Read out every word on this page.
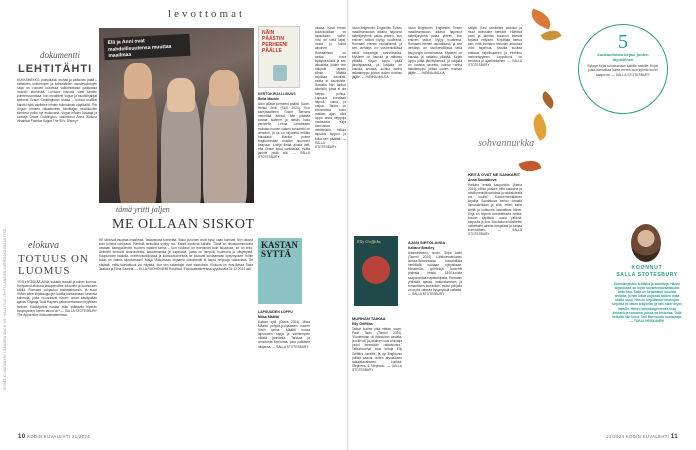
levottomat
KUVAT KUVAPANKKI / SANDRA BACH VS. HALLITUS LEHTI LANGAN SIIRROSKUVAAJA ITSE...
dokumentti
LEHTITÄHTI
KUKKAMEKKO, paksukalat, mohair ja valkoinen paita – selkeiden uniformujen ja kekseliäiden asustevalintojen luoja on vuosien kuluessa vakiinnuttanut paikkansa muodin eturivissä. Lontoon hienosti vietti tähtien puheenvuoroissa, kun muotilehti Vogue ja muotikirjailijat kertovat Grace Coddingtonin urasta – kuinka malliksi haluttu tyttö vaeltelee lehden toimituksen käytäviltä. The Vogue: lehteen rakastuneen toimittajan muotikuvien kiehtova polku nyt elokuvana. Vogue-lehden kuvaaja ja tuottaja Grace Coddington, vakiintunut Anna Wintour vitsailivat Fashion Vogue The 90's, Disney+
elokuva
TOTUUS ON LUOMUS
YKSI HYÖKKÄÄ AINA, kukaan nuuskii ja toinen luomus. Hollywood-elokuva tasapainoilee totuuden ja luomuksen välillä. Romaani pohjautuu tositapahtumiin, ja nuori Vivian tulee kirjakauppojen kautta kohtaamaan tuhansia hahmoja, jotka muovaavat hänen omaa käsitystään ajasta. Ohjaaja Todd Haynes palaa kertomaan myyttisen tarinan. Käsikirjoitus nostaa esiin yllättävän kiperän kysymyksen: kenen tarina on? — SALLA STOTESBURY The Apprentice elokuvateattereissa.
Elli ja Anni ovat mahdollisuutensa muuttaa maailmaa
tämä yritti jaljen
ME OLLAAN SISKOT
HE tahtovat muuttaa maailmaa. Tasavahvaa toimintaa. Sisko ja toinen eivät kysy, vaan toimivat. Niin ulkona kuin kotona rohkeasti. Pienistä tarinoista syntyy iso. Kadut kuuluvat kaikille. Tämä on ilmastonmuutosta vastaan kamppailevien nuorten naisten tarina – kun rohkeus on enemmän kuin iskulause, se on teko. Aktivistit kertovat sisaruudesta, kasvamisesta ja kapinasta, jossa on lämpöä, huumoria ja väsymystä. Kaupunkien kaduilla, mielenosoituksissa ja kokoushuoneissa he joutuvat kohtaamaan kysymyksen: mihin kukin on valmis sitoutumaan? Malja Vilkkumaan ohjaama dokumentti ei tarjoa helppoja vastauksia. Se näyttää, miltä tulevaisuus voi näyttää, kun sen rakentajat ovat sisaruksia. Elokuva on ensi-illassa Sasa Jaakola ja Elina Saarela. — ELLA RUOHONIEMI Rosebud. Elokuvateattereissa syyskuusta 31.12.2024 asti.
NÄIN PÄÄSTIN PERHEENI PÄÄLLE
KERTOKIRJALLISUUS
Bella Mackie
Näin pääsin perheeni päältä. Suom. Heikki Sivill (S&S 2024). Kun karismaattinen Grace Bernard menettää äitinsä, hän päättää kostaa isälleen ja tämän koko perheelle. Leena Lehtolaisen mukaan nuoren naisen kostoretki on armoton, ja se on kirjoitettu erittäin hauskasti. Mackie pukee tragikomedian mustan huumorin kaapuun. Lukija tietää alusta asti, että Grace istuu vankilassa, mutta jännite pitää silti. — SALLA STOTESBURY
KASTAN SYTTÄ
LAPSUUDEN LOPPU
Miisa Määttä
Kastan sytä (Otava 2024). Miisa Määttä pohjois-pohjalaisen nuoren Viivin tarina. Määttä kuvaa lapsuuden rajoja ja vanhempien välistä jännitettä. Tarkkaa ja armotonta kerrontaa, joka palkitsee lukijansa. — SALLA STOTESBURY
olussa. Kesä ennen kuutoluokkaa on tapauksien vaihe. Viivi on vielä lapsi, mutta jo kohta aikuinen. Romaanissa on tarkka kuva kyläyhteisöstä ja sen aikuisista, joiden teot näkyvät lapsen silmin. Määttä kirjoittaa kauniisti, mutta ei kaunistele. Samalla hän tarttuu aiheisiin, joista ei ole helppo puhua. Lapsuus kuvataan täynnä valoa ja varjoa. Tarina on kiinnostava koko matkan ajan, eikä loppu anna helppoja vastauksia. Kirja kannustaa miettimään, milloin lapsuus loppuu ja kuka sen päättää. — SALLA STOTESBURY
luvun Brightonin, Englantiin. Toisen maailmansodan aikana hajonnut taiteilijaryhmä palaa yhteen, kun entinen taikuri löytyy kuolleena. Romaani etenee rauhallisesti, ja sen viehätys on sivuhenkilöissä sekä kaupungin tunnelmassa. Mysteeri on hauska ja ratkaisu yllättää. Kirjan loppu pitää jännityksessä, ja lukijalla on hauska seurata, kuinka vanha taikatemppu johtaa uuden murhan jäljille. — HANNA MAULA
Elly Griffiths
MURHAN TAIKAA
Elly Griffiths
Taikuri kuolee yhtä mittaa, suom. Pauli Tapio (Tammi 2024). "Kuolemaan oli mahdoton vastata, ja näin oli, ja jokainen uusi omistaja joutui tekemään ratkaisunsa." Taikurimurhat ovat tuttuja Elly Griffiths -faneille, ja nyt Brightonin poliisit saavat uuden arvoituksen ratkaistavakseen. Luokka: Stephens & Mephisto. — SALLA STOTESBURY
luvun Brightonin, Englantiin. Toisen maailmansodan aikana hajonnut taiteilijaryhmä palaa yhteen, kun entinen taikuri löytyy kuolleena. Romaani etenee rauhallisesti, ja sen viehätys on sivuhenkilöissä sekä kaupungin tunnelmassa. Mysteeri on hauska ja ratkaisu yllättää. Kirjan loppu pitää jännityksessä, ja lukijalla on hauska seurata, kuinka vanha taikatemppu johtaa uuden murhan jäljille. — HANNA MAULA
AJAN SIRTOLAISIA
Kaliane Bradley
Aikaministeriö, suom. Sirpa Aalto (Tammi 2024). Lähitulevaisuuden Isossa-Britanniassa historiallisia henkilöitä tuodaan nykyaikaan. Ministeriön työntekijä huolehtii yhdestä heistä, 1840-luvulta saapuneesta napatutkijasta. Romaani yhdistää ajassa matkustamisen ja romanttisen komedian, mutta pohjalla on myös vakavia kysymyksiä vallasta. — SALLA STOTESBURY
sällytti. Käsi selviteltee taulukot ja muut tarinoiden henkilöt. Yllättävä juoni ja lämmin huumori tekevät kirjasta erityisen. Kirjoittaja kertoo sen, mitä ihmisten historian aukoissa voisi tapahtua. Sivuilta kuultaa rakkaus kirjallisuuteen ja intohimo menneisyyteen. Lopputulos on kiehtova ja ajankohtainen. — SALLA STOTESBURY
sohvannurkka
KEITÄ OVAT NE SANKARIT
Anna Soudakova
Haikara lentää kaupunkiin (Atena 2024). Mihin puskee nimi kaukana ja mistä pienistä sanoista ja rakkaudesta voi kuulla? Suomenvenäläinen kirjailija Soudakova kertoo omasta lapsuudestaan ja siitä, miten kaksi kieltä ja kulttuuria kasvattivat hänet. Kirja on täynnä tunnistettavia hetkiä: koulun käytäviä, uusia ystäviä, kaipuuta ja iloa. Soudakova käsittelee vaikeitakin aiheita lempeästi ja lukijaa kunnioittaen. — SALLA STOTESBURY
5
kuukautisista kirjaa, joiden täydellinen
Syksyn kirjat tutustumaan kaikille naisille. Kirjat, jotka kannattaa lukea ennen kuin kylmät tuulet saapuvat. — SALLA STOTESBURY
KOONNUT
SALLA STOTESBURY
Suomikirjaston kriitikko ja toimittaja. Hänen kirjastonsa on myös kuvanveistosaataulon äidin talo. Salla on kirjoittanut lukuisia arvioita, ja hän lukee nopeasti kaiken mikä käsiin osuu. Hän on kirjoittanut tietokirjan kirjoista ja niiden tekijöistä, ja hän lukee myös lapsille. Hänen suosikkigenrensa ovat dekkarit ja romaanit, joissa on historiaa. Tällä hetkellä hän lukee Toni Morrisonin romaaneja. — TARJA HEISKANEN
10 KODIN KUVALEHTI 21/2024	21/2024 KODIN KUVALEHTI 11
